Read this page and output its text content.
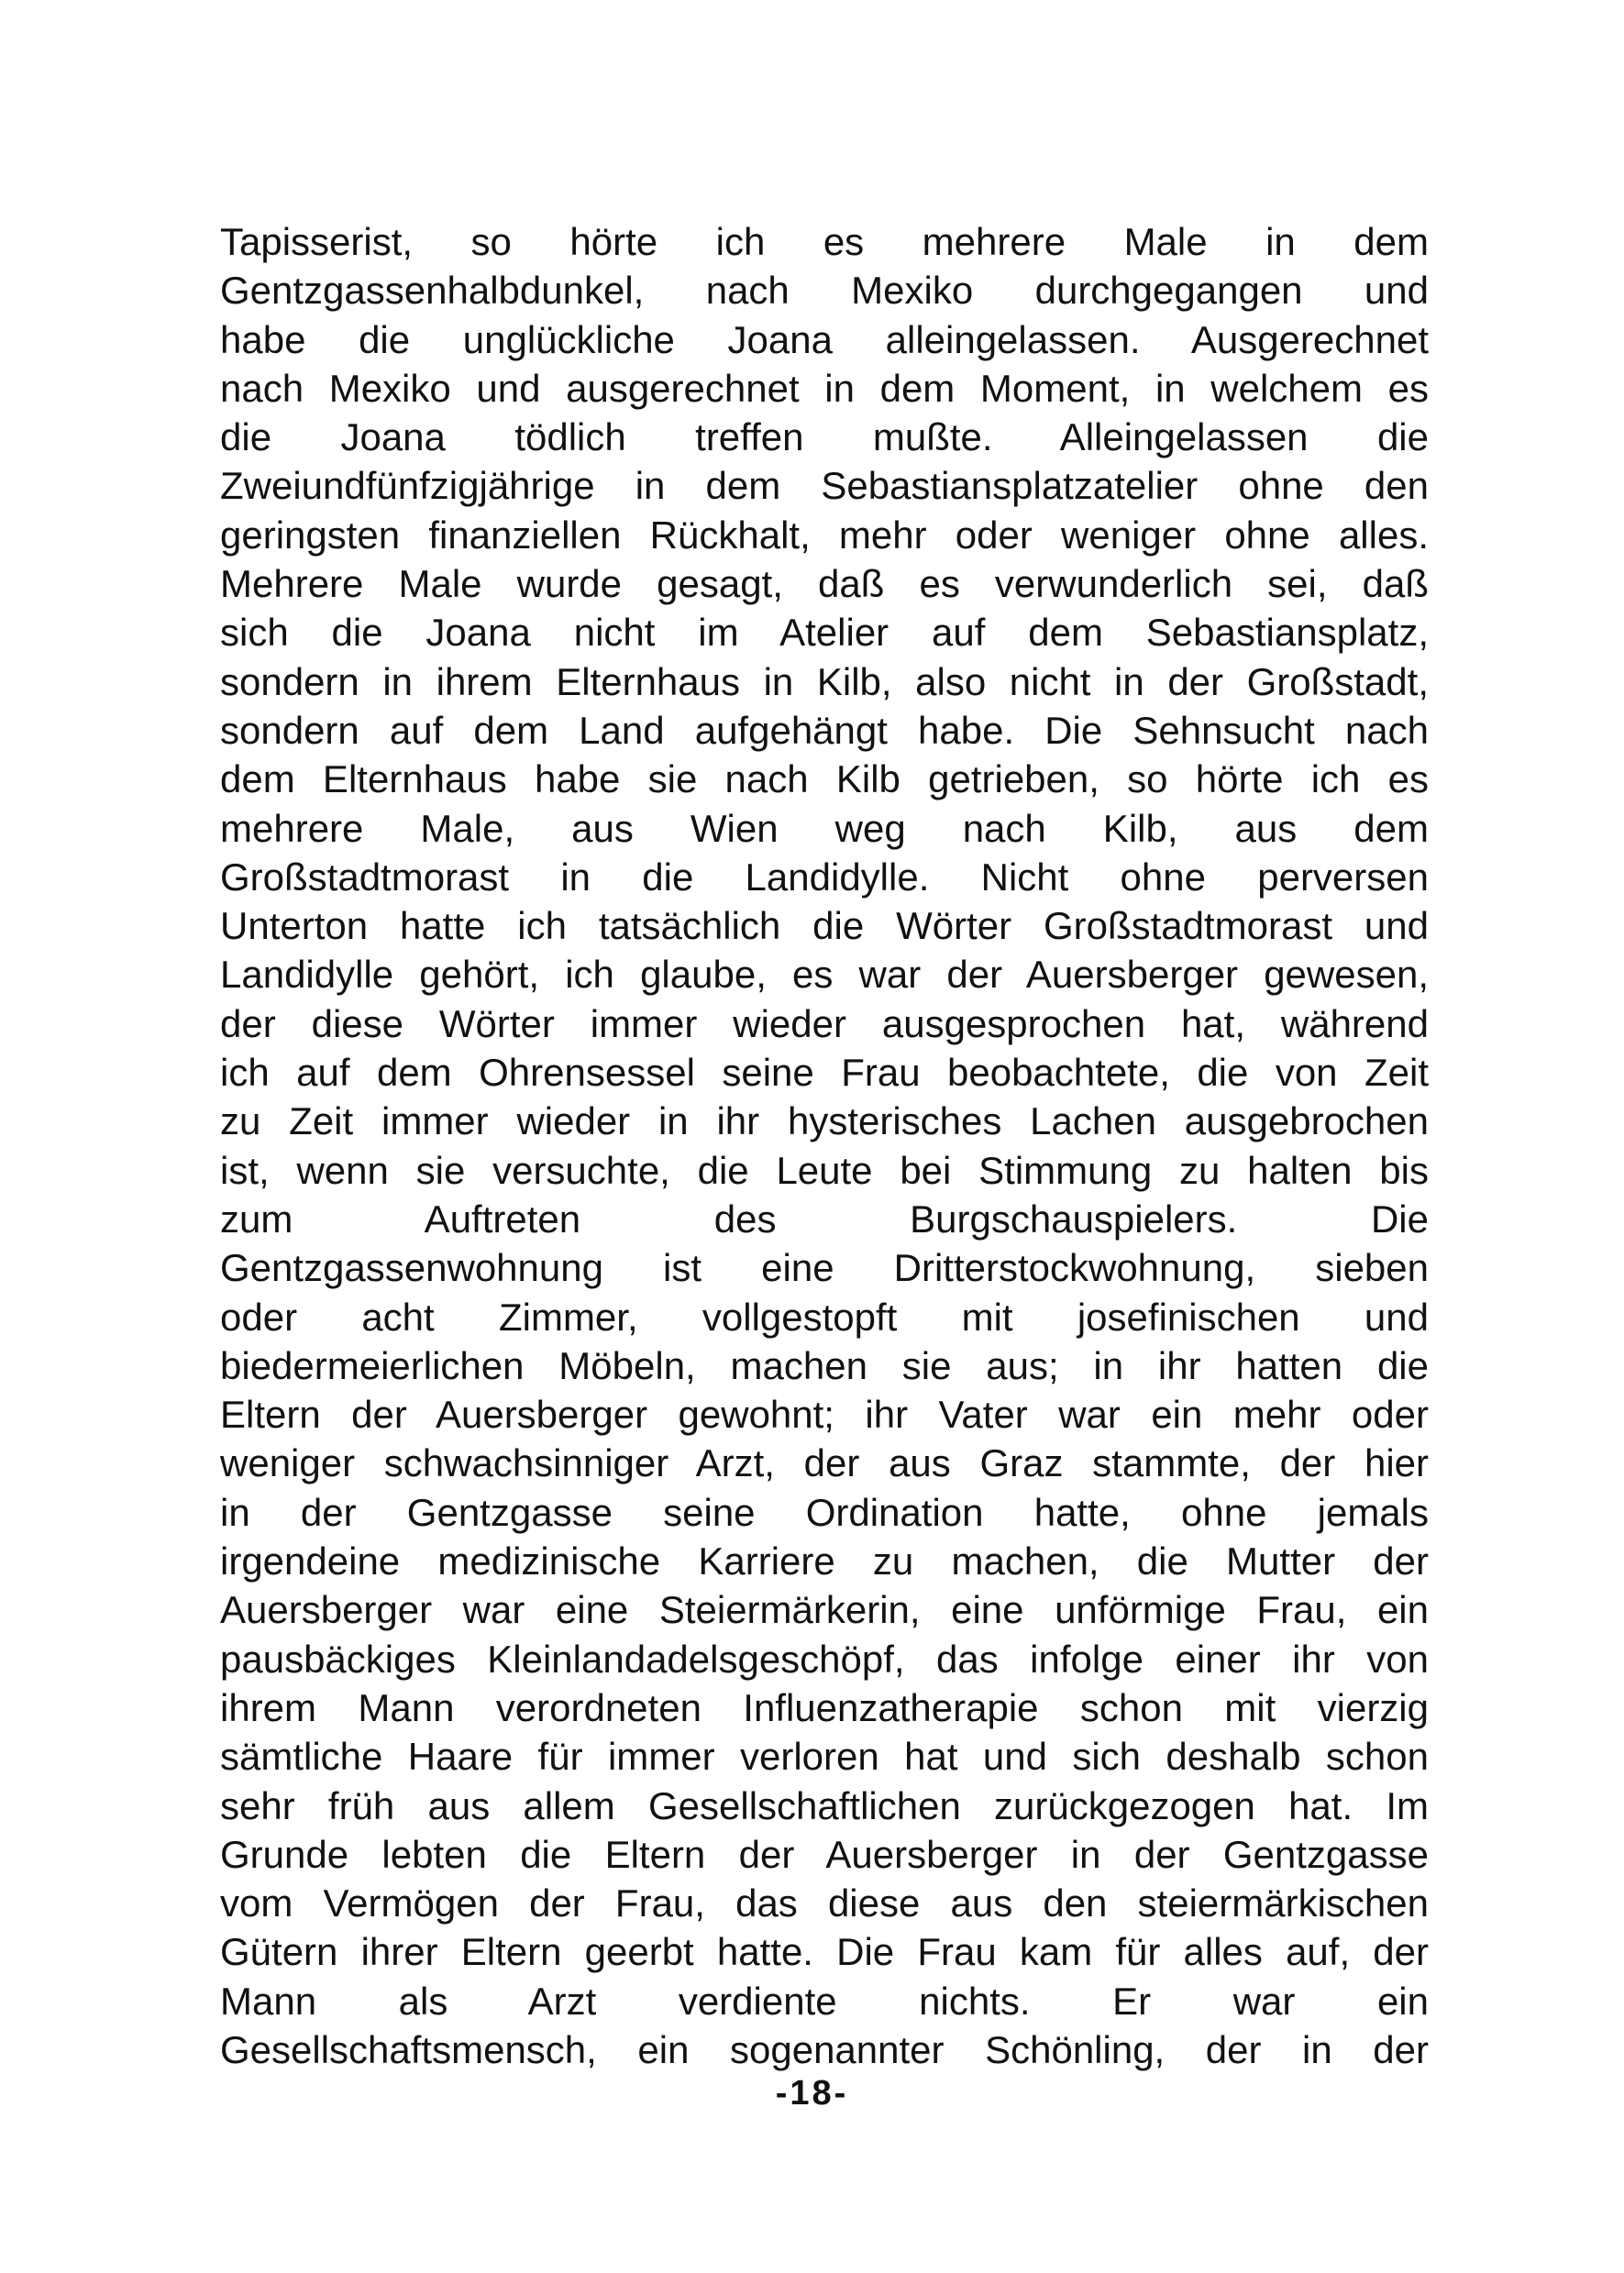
Tapisserist, so hörte ich es mehrere Male in dem
Gentzgassenhalbdunkel, nach Mexiko durchgegangen und
habe die unglückliche Joana alleingelassen. Ausgerechnet
nach Mexiko und ausgerechnet in dem Moment, in welchem es
die Joana tödlich treffen mußte. Alleingelassen die
Zweiundfünfzigjährige in dem Sebastiansplatzatelier ohne den
geringsten finanziellen Rückhalt, mehr oder weniger ohne alles.
Mehrere Male wurde gesagt, daß es verwunderlich sei, daß
sich die Joana nicht im Atelier auf dem Sebastiansplatz,
sondern in ihrem Elternhaus in Kilb, also nicht in der Großstadt,
sondern auf dem Land aufgehängt habe. Die Sehnsucht nach
dem Elternhaus habe sie nach Kilb getrieben, so hörte ich es
mehrere Male, aus Wien weg nach Kilb, aus dem
Großstadtmorast in die Landidylle. Nicht ohne perversen
Unterton hatte ich tatsächlich die Wörter Großstadtmorast und
Landidylle gehört, ich glaube, es war der Auersberger gewesen,
der diese Wörter immer wieder ausgesprochen hat, während
ich auf dem Ohrensessel seine Frau beobachtete, die von Zeit
zu Zeit immer wieder in ihr hysterisches Lachen ausgebrochen
ist, wenn sie versuchte, die Leute bei Stimmung zu halten bis
zum Auftreten des Burgschauspielers. Die
Gentzgassenwohnung ist eine Dritterstockwohnung, sieben
oder acht Zimmer, vollgestopft mit josefinischen und
biedermeierlichen Möbeln, machen sie aus; in ihr hatten die
Eltern der Auersberger gewohnt; ihr Vater war ein mehr oder
weniger schwachsinniger Arzt, der aus Graz stammte, der hier
in der Gentzgasse seine Ordination hatte, ohne jemals
irgendeine medizinische Karriere zu machen, die Mutter der
Auersberger war eine Steiermärkerin, eine unförmige Frau, ein
pausbäckiges Kleinlandadelsgeschöpf, das infolge einer ihr von
ihrem Mann verordneten Influenzatherapie schon mit vierzig
sämtliche Haare für immer verloren hat und sich deshalb schon
sehr früh aus allem Gesellschaftlichen zurückgezogen hat. Im
Grunde lebten die Eltern der Auersberger in der Gentzgasse
vom Vermögen der Frau, das diese aus den steiermärkischen
Gütern ihrer Eltern geerbt hatte. Die Frau kam für alles auf, der
Mann als Arzt verdiente nichts. Er war ein
Gesellschaftsmensch, ein sogenannter Schönling, der in der
-18-
